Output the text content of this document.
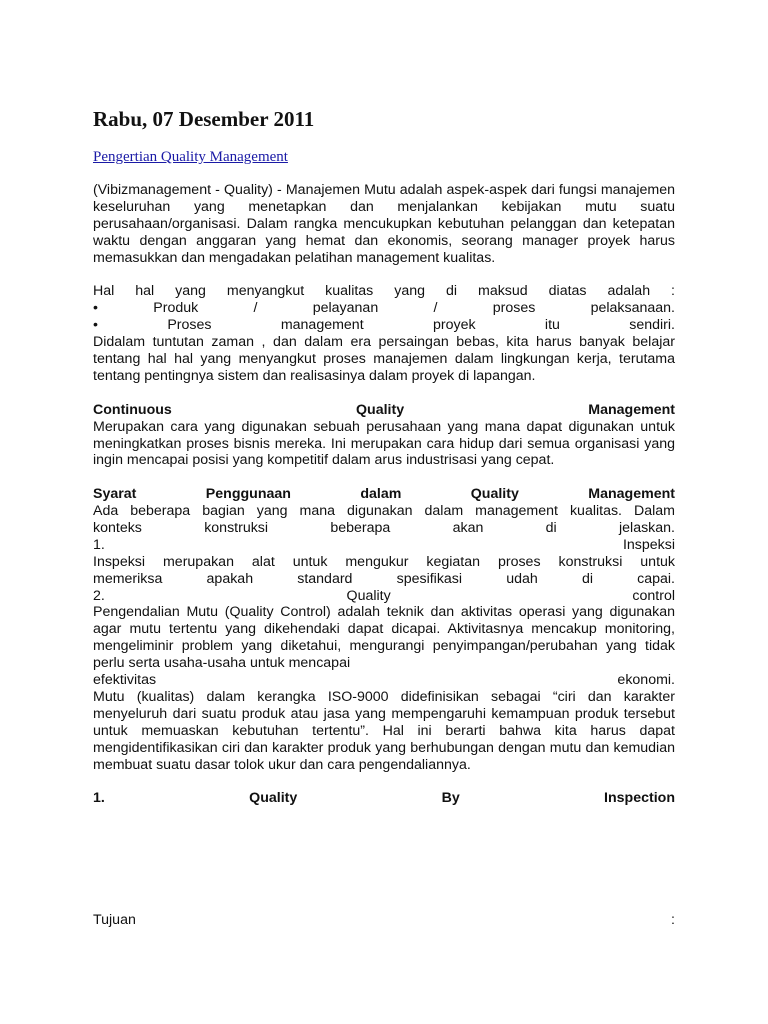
Rabu, 07 Desember 2011
Pengertian Quality Management

(Vibizmanagement - Quality) - Manajemen Mutu adalah aspek-aspek dari fungsi manajemen keseluruhan yang menetapkan dan menjalankan kebijakan mutu suatu perusahaan/organisasi. Dalam rangka mencukupkan kebutuhan pelanggan dan ketepatan waktu dengan anggaran yang hemat dan ekonomis, seorang manager proyek harus memasukkan dan mengadakan pelatihan management kualitas.

Hal hal yang menyangkut kualitas yang di maksud diatas adalah :
• Produk / pelayanan / proses pelaksanaan.
• Proses management proyek itu sendiri.

Didalam tuntutan zaman , dan dalam era persaingan bebas, kita harus banyak belajar tentang hal hal yang menyangkut proses manajemen dalam lingkungan kerja, terutama tentang pentingnya sistem dan realisasinya dalam proyek di lapangan.

Continuous Quality Management

Merupakan cara yang digunakan sebuah perusahaan yang mana dapat digunakan untuk meningkatkan proses bisnis mereka. Ini merupakan cara hidup dari semua organisasi yang ingin mencapai posisi yang kompetitif dalam arus industrisasi yang cepat.

Syarat Penggunaan dalam Quality Management
Ada beberapa bagian yang mana digunakan dalam management kualitas. Dalam
konteks konstruksi beberapa akan di jelaskan.
1. Inspeksi
Inspeksi merupakan alat untuk mengukur kegiatan proses konstruksi untuk
memeriksa apakah standard spesifikasi udah di capai.
2. Quality control

Pengendalian Mutu (Quality Control) adalah teknik dan aktivitas operasi yang digunakan agar mutu tertentu yang dikehendaki dapat dicapai. Aktivitasnya mencakup monitoring, mengeliminir problem yang diketahui, mengurangi penyimpangan/perubahan yang tidak perlu serta usaha-usaha untuk mencapai

efektivitas ekonomi.

Mutu (kualitas) dalam kerangka ISO-9000 didefinisikan sebagai “ciri dan karakter menyeluruh dari suatu produk atau jasa yang mempengaruhi kemampuan produk tersebut untuk memuaskan kebutuhan tertentu”. Hal ini berarti bahwa kita harus dapat mengidentifikasikan ciri dan karakter produk yang berhubungan dengan mutu dan kemudian membuat suatu dasar tolok ukur dan cara pengendaliannya.

1. Quality By Inspection
Tujuan	:
